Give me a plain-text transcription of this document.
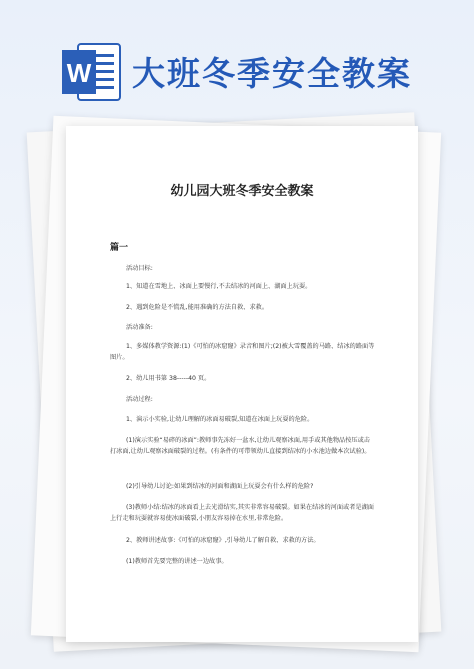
W 大班冬季安全教案
幼儿园大班冬季安全教案
篇一
活动目标:
1、知道在雪地上、冰面上要慢行,不去结冰的河面上、湖面上玩耍。
2、遇到危险是不慌乱,能用准确的方法自救、求救。
活动准备:
1、多媒体教学资源:(1)《可怕的冰窟窿》录音和图片;(2)被大雪覆盖的马路、结冰的路面等图片。
2、幼儿用书第 38-----40 页。
活动过程:
1、演示小实验,让幼儿理解的冰面易破裂,知道在冰面上玩耍的危险。
(1)演示实验“易碎的冰面”:教师事先冻好一盆水,让幼儿观察冰面,用手或其他物品按压或击打冰面,让幼儿观察冰面破裂的过程。(有条件的可带领幼儿直接到结冰的小水池边做本次试验)。
(2)引导幼儿讨论:如果到结冰的河面和湖面上玩耍会有什么样的危险?
(3)教师小结:结冰的冰面看上去光滑结实,其实非常容易破裂。如果在结冰的河面或者是湖面上行走和玩耍就容易使冰面破裂,小朋友容易掉在水里,非常危险。
2、教师讲述故事:《可怕的冰窟窿》,引导幼儿了解自救、求救的方法。
(1)教师首先要完整的讲述一边故事。
